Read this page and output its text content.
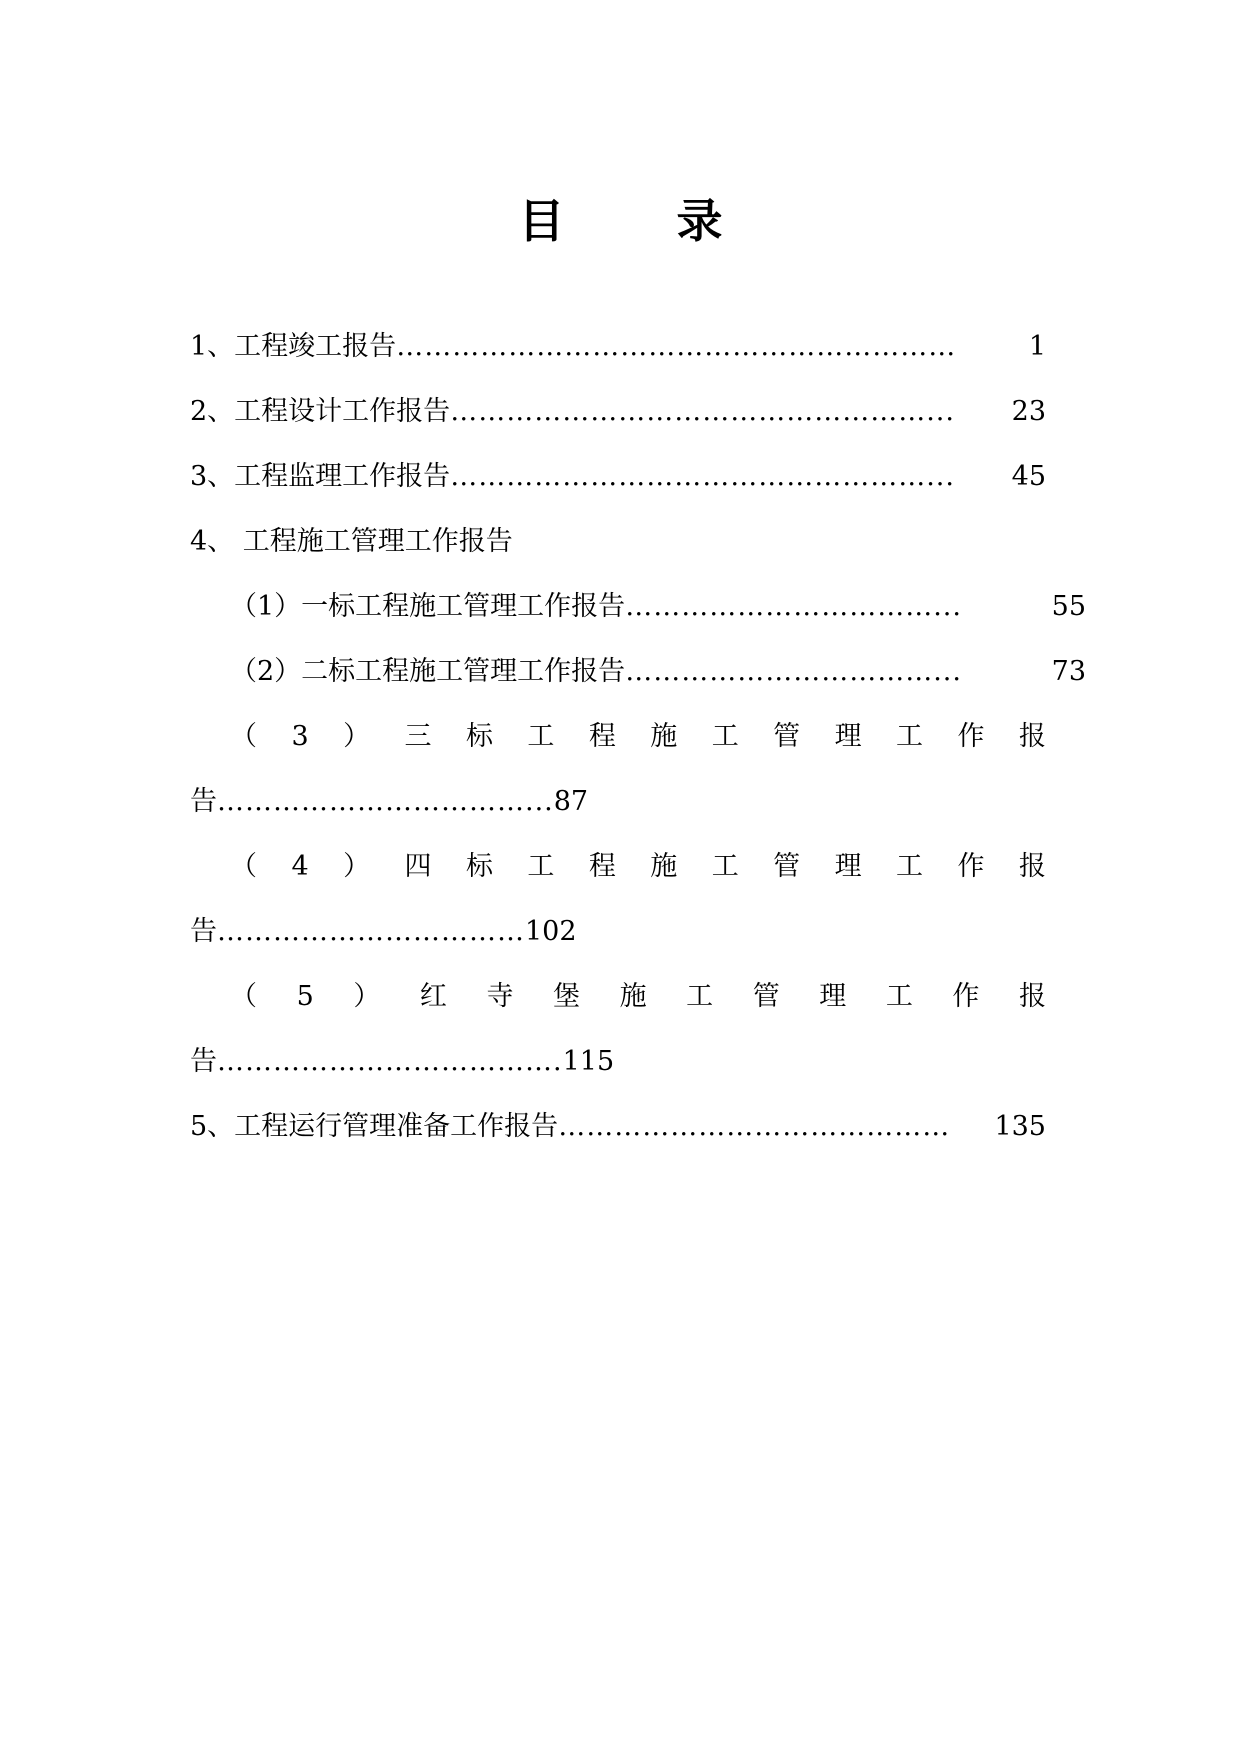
目 录
1、工程竣工报告 ……………………………………………………	1
2、工程设计工作报告 ……………………………………………...	23
3、工程监理工作报告 ……………………………………………...	45
4、 工程施工管理工作报告
（1）一标工程施工管理工作报告 ……………………………...	55
（2）二标工程施工管理工作报告 ……………………………...	73
（ 3 ） 三 标 工 程 施 工 管 理 工 作 报
告 ……………………………... 87
（ 4 ） 四 标 工 程 施 工 管 理 工 作 报
告 …………………………… 102
（ 5 ） 红 寺 堡 施 工 管 理 工 作 报
告 ………………………………. 115
5、工程运行管理准备工作报告 ……………………………………	135
